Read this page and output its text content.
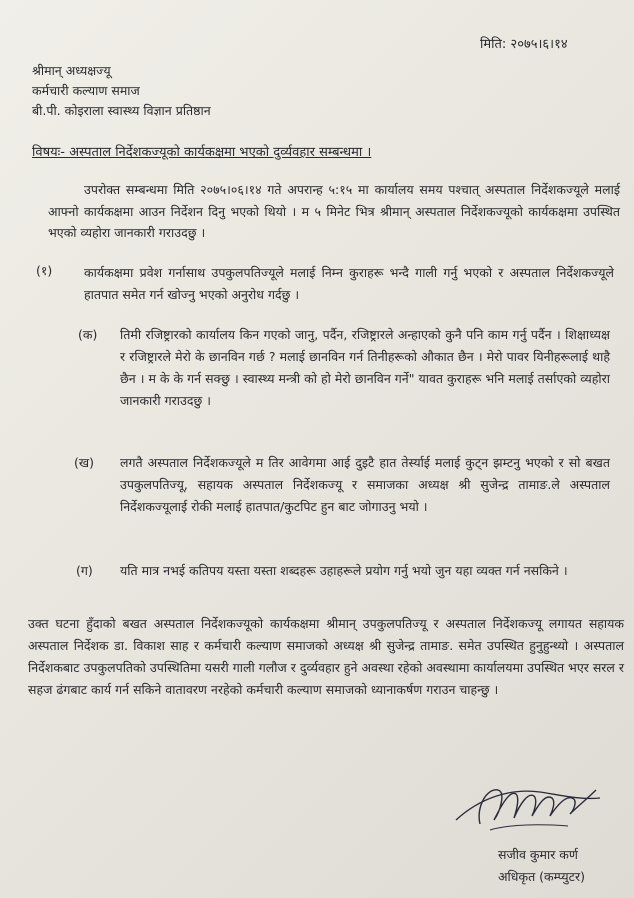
मिति: २०७५।६।१४
श्रीमान् अध्यक्षज्यू
कर्मचारी कल्याण समाज
बी.पी. कोइराला स्वास्थ्य विज्ञान प्रतिष्ठान
विषयः- अस्पताल निर्देशकज्यूको कार्यकक्षमा भएको दुर्व्यवहार सम्बन्धमा ।
उपरोक्त सम्बन्धमा मिति २०७५।०६।१४ गते अपरान्ह ५:१५ मा कार्यालय समय पश्चात् अस्पताल निर्देशकज्यूले मलाई आफ्नो कार्यकक्षमा आउन निर्देशन दिनु भएको थियो । म ५ मिनेट भित्र श्रीमान् अस्पताल निर्देशकज्यूको कार्यकक्षमा उपस्थित भएको व्यहोरा जानकारी गराउदछु ।
(१)	कार्यकक्षमा प्रवेश गर्नासाथ उपकुलपतिज्यूले मलाई निम्न कुराहरू भन्दै गाली गर्नु भएको र अस्पताल निर्देशकज्यूले हातपात समेत गर्न खोज्नु भएको अनुरोध गर्दछु ।
(क) तिमी रजिष्ट्रारको कार्यालय किन गएको जानु, पर्दैन, रजिष्ट्रारले अन्हाएको कुनै पनि काम गर्नु पर्दैन । शिक्षाध्यक्ष र रजिष्ट्रारले मेरो के छानविन गर्छ ? मलाई छानविन गर्न तिनीहरूको औकात छैन । मेरो पावर यिनीहरूलाई थाहै छैन । म के के गर्न सक्छु । स्वास्थ्य मन्त्री को हो मेरो छानविन गर्ने" यावत कुराहरू भनि मलाई तर्साएको व्यहोरा जानकारी गराउदछु ।
(ख) लगतै अस्पताल निर्देशकज्यूले म तिर आवेगमा आई दुइटै हात तेर्स्याई मलाई कुट्न झम्टनु भएको र सो बखत उपकुलपतिज्यू, सहायक अस्पताल निर्देशकज्यू र समाजका अध्यक्ष श्री सुजेन्द्र तामाङ.ले अस्पताल निर्देशकज्यूलाई रोकी मलाई हातपात/कुटपिट हुन बाट जोगाउनु भयो ।
(ग) यति मात्र नभई कतिपय यस्ता यस्ता शब्दहरू उहाहरूले प्रयोग गर्नु भयो जुन यहा व्यक्त गर्न नसकिने ।
उक्त घटना हुँदाको बखत अस्पताल निर्देशकज्यूको कार्यकक्षमा श्रीमान् उपकुलपतिज्यू र अस्पताल निर्देशकज्यू लगायत सहायक अस्पताल निर्देशक डा. विकाश साह र कर्मचारी कल्याण समाजको अध्यक्ष श्री सुजेन्द्र तामाङ. समेत उपस्थित हुनुहुन्थ्यो । अस्पताल निर्देशकबाट उपकुलपतिको उपस्थितिमा यसरी गाली गलौज र दुर्व्यवहार हुने अवस्था रहेको अवस्थामा कार्यालयमा उपस्थित भएर सरल र सहज ढंगबाट कार्य गर्न सकिने वातावरण नरहेको कर्मचारी कल्याण समाजको ध्यानाकर्षण गराउन चाहन्छु ।
सजीव कुमार कर्ण
अधिकृत (कम्प्युटर)
